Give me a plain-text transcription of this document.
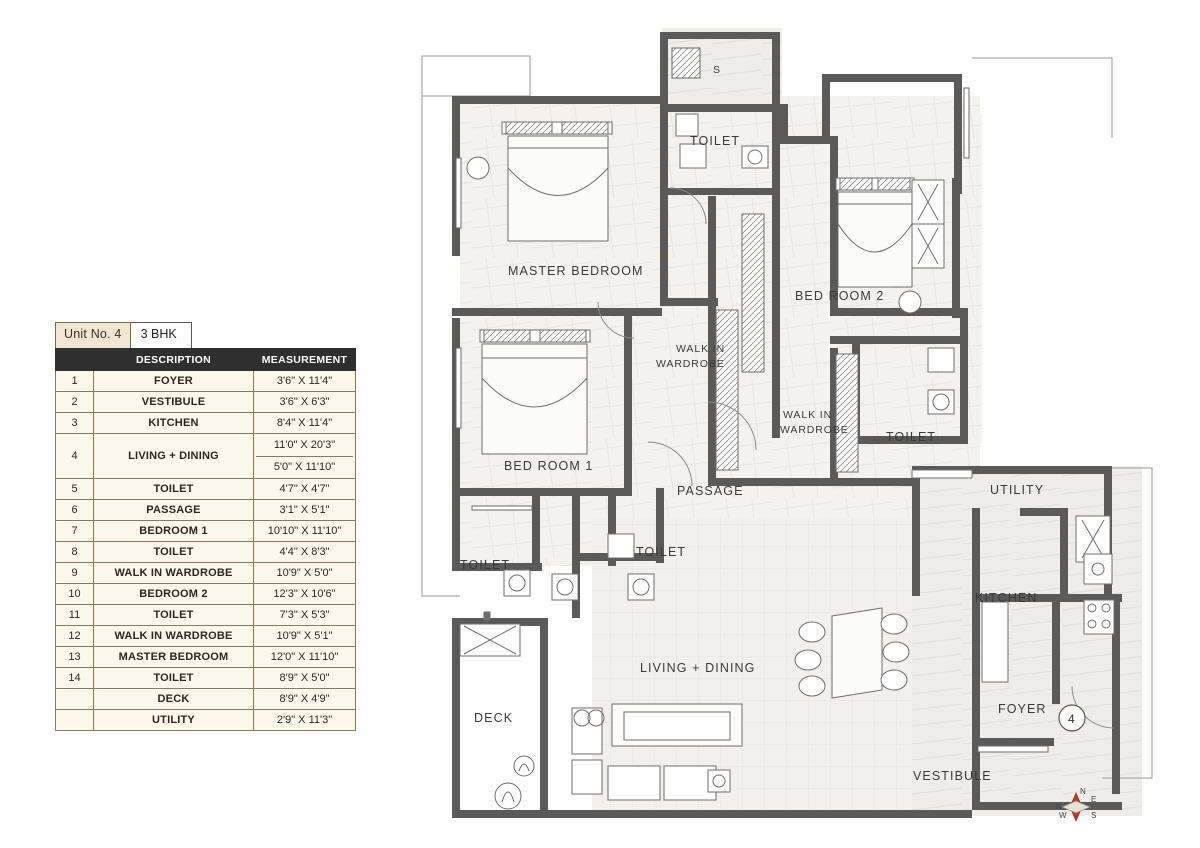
Unit No. 4	3 BHK
	DESCRIPTION	MEASUREMENT
1	FOYER	3'6" X 11'4"
2	VESTIBULE	3'6" X 6'3"
3	KITCHEN	8'4" X 11'4"
4	LIVING + DINING	11'0" X 20'3"
5'0" X 11'10"

5	TOILET	4'7" X 4'7"
6	PASSAGE	3'1" X 5'1"
7	BEDROOM 1	10'10" X 11'10"
8	TOILET	4'4" X 8'3"
9	WALK IN WARDROBE	10'9" X 5'0"
10	BEDROOM 2	12'3" X 10'6"
11	TOILET	7'3" X 5'3"
12	WALK IN WARDROBE	10'9" X 5'1"
13	MASTER BEDROOM	12'0" X 11'10"
14	TOILET	8'9" X 5'0"
	DECK	8'9" X 4'9"
	UTILITY	2'9" X 11'3"
MASTER BEDROOM
BED ROOM 1
BED ROOM 2
TOILET
TOILET
TOILET
TOILET
WALK IN
WARDROBE
WALK IN
WARDROBE
PASSAGE
LIVING + DINING
KITCHEN
UTILITY
FOYER
VESTIBULE
DECK
S
4
N
E
S
W
N
